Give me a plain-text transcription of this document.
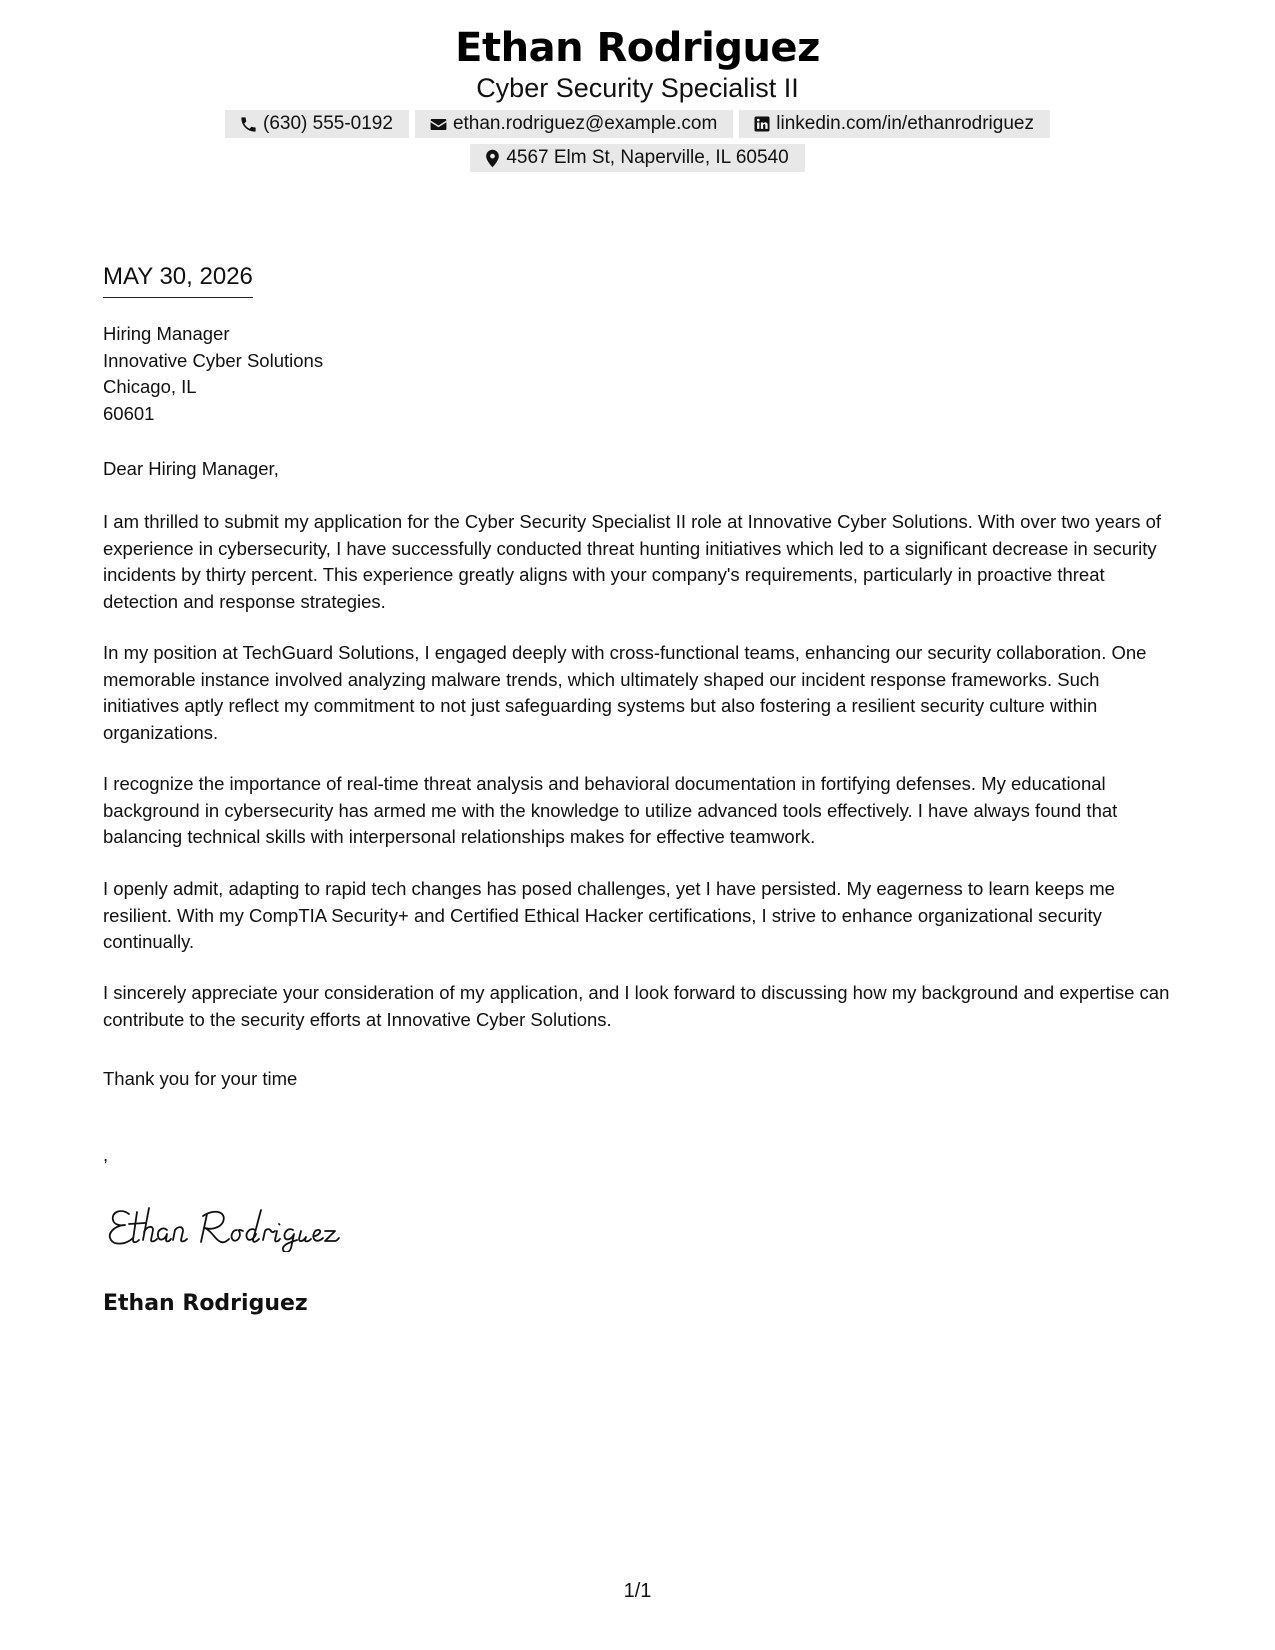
Ethan Rodriguez
Cyber Security Specialist II
(630) 555-0192	ethan.rodriguez@example.com	linkedin.com/in/ethanrodriguez
4567 Elm St, Naperville, IL 60540
MAY 30, 2026
Hiring Manager
Innovative Cyber Solutions
Chicago, IL
60601
Dear Hiring Manager,

I am thrilled to submit my application for the Cyber Security Specialist II role at Innovative Cyber Solutions. With over two years of experience in cybersecurity, I have successfully conducted threat hunting initiatives which led to a significant decrease in security incidents by thirty percent. This experience greatly aligns with your company's requirements, particularly in proactive threat detection and response strategies.

In my position at TechGuard Solutions, I engaged deeply with cross-functional teams, enhancing our security collaboration. One memorable instance involved analyzing malware trends, which ultimately shaped our incident response frameworks. Such initiatives aptly reflect my commitment to not just safeguarding systems but also fostering a resilient security culture within organizations.

I recognize the importance of real-time threat analysis and behavioral documentation in fortifying defenses. My educational background in cybersecurity has armed me with the knowledge to utilize advanced tools effectively. I have always found that balancing technical skills with interpersonal relationships makes for effective teamwork.

I openly admit, adapting to rapid tech changes has posed challenges, yet I have persisted. My eagerness to learn keeps me resilient. With my CompTIA Security+ and Certified Ethical Hacker certifications, I strive to enhance organizational security continually.

I sincerely appreciate your consideration of my application, and I look forward to discussing how my background and expertise can contribute to the security efforts at Innovative Cyber Solutions.

Thank you for your time
,
Ethan Rodriguez
1/1
